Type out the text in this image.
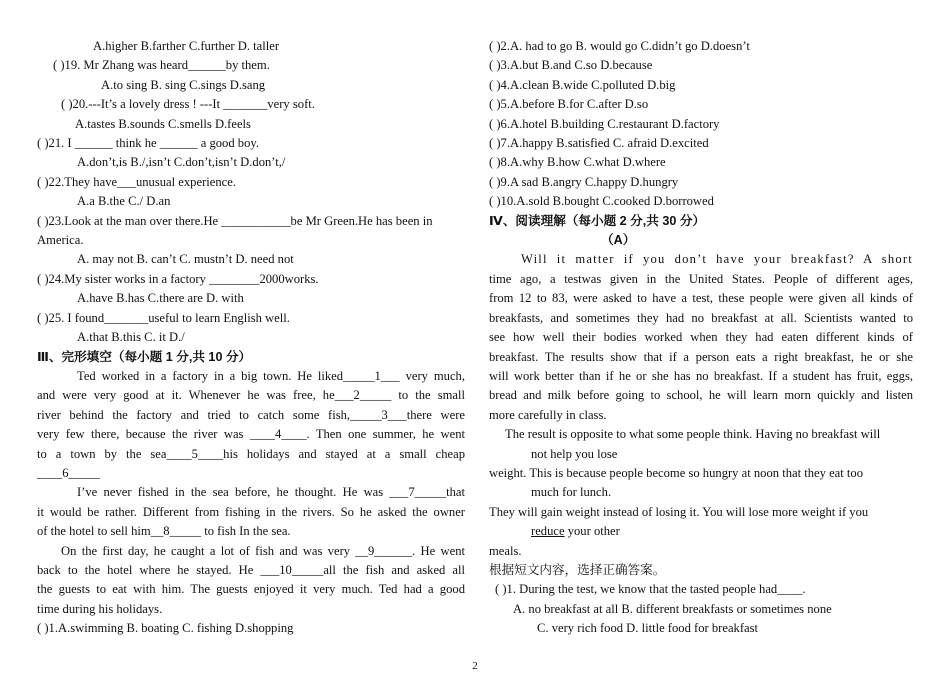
A.higher B.farther C.further D. taller
( )19. Mr Zhang was heard______by them.
A.to sing B. sing C.sings D.sang
( )20.---It’s a lovely dress ! ---It _______very soft.
A.tastes B.sounds C.smells D.feels
( )21. I ______ think he ______ a good boy.
A.don’t,is B./,isn’t C.don’t,isn’t D.don’t,/
( )22.They have___unusual experience.
A.a B.the C./ D.an
( )23.Look at the man over there.He ___________be Mr Green.He has been in
America.
A. may not B. can’t C. mustn’t D. need not
( )24.My sister works in a factory ________2000works.
A.have B.has C.there are D. with
( )25. I found_______useful to learn English well.
A.that B.this C. it D./
Ⅲ、完形填空（每小题 1 分,共 10 分）
Ted worked in a factory in a big town. He liked_____1___ very much,
and were very good at it. Whenever he was free, he___2_____ to the small
river behind the factory and tried to catch some fish,_____3___there were
very few there, because the river was ____4____. Then one summer, he went
to a town by the sea____5____his holidays and stayed at a small cheap
____6_____
I’ve never fished in the sea before, he thought. He was ___7_____that
it would be rather. Different from fishing in the rivers. So he asked the owner
of the hotel to sell him__8_____ to fish In the sea.
On the first day, he caught a lot of fish and was very __9______. He went
back to the hotel where he stayed. He ___10_____all the fish and asked all
the guests to eat with him. The guests enjoyed it very much. Ted had a good
time during his holidays.
( )1.A.swimming B. boating C. fishing D.shopping
( )2.A. had to go B. would go C.didn’t go D.doesn’t
( )3.A.but B.and C.so D.because
( )4.A.clean B.wide C.polluted D.big
( )5.A.before B.for C.after D.so
( )6.A.hotel B.building C.restaurant D.factory
( )7.A.happy B.satisfied C. afraid D.excited
( )8.A.why B.how C.what D.where
( )9.A sad B.angry C.happy D.hungry
( )10.A.sold B.bought C.cooked D.borrowed
Ⅳ、阅读理解（每小题 2 分,共 30 分）
（A）
Will it matter if you don’t have your breakfast? A short
time ago, a testwas given in the United States. People of different ages,
from 12 to 83, were asked to have a test, these people were given all kinds of
breakfasts, and sometimes they had no breakfast at all. Scientists wanted to
see how well their bodies worked when they had eaten different kinds of
breakfast. The results show that if a person eats a right breakfast, he or she
will work better than if he or she has no breakfast. If a student has fruit, eggs,
bread and milk before going to school, he will learn morn quickly and listen
more carefully in class.
The result is opposite to what some people think. Having no breakfast will
not help you lose
weight. This is because people become so hungry at noon that they eat too
much for lunch.
They will gain weight instead of losing it. You will lose more weight if you
reduce your other
meals.
根据短文内容，选择正确答案。
( )1. During the test, we know that the tasted people had____.
A. no breakfast at all B. different breakfasts or sometimes none
C. very rich food D. little food for breakfast
2
